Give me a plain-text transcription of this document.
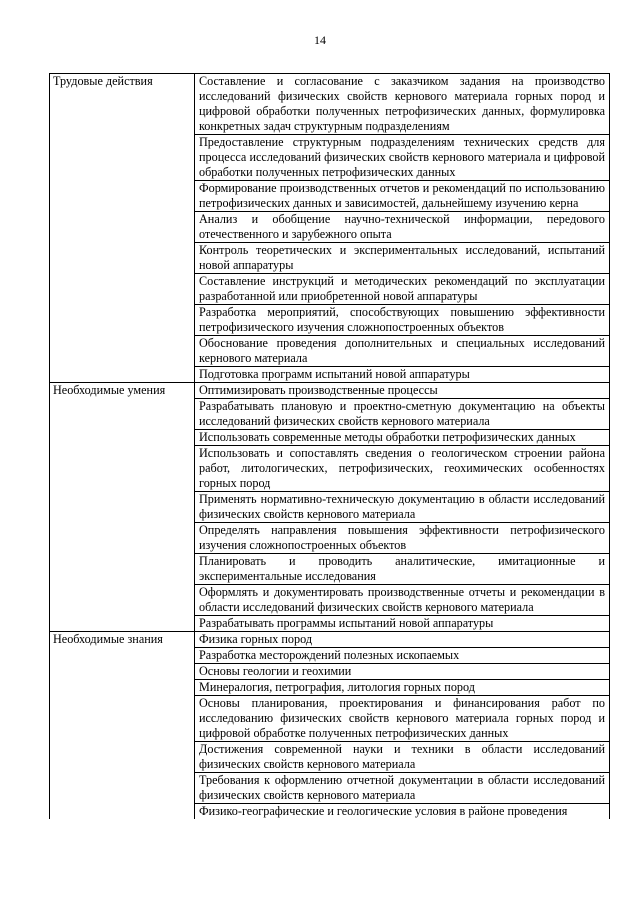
14
Трудовые действия	Составление и согласование с заказчиком задания на производство исследований физических свойств кернового материала горных пород и цифровой обработки полученных петрофизических данных, формулировка конкретных задач структурным подразделениям
	Предоставление структурным подразделениям технических средств для процесса исследований физических свойств кернового материала и цифровой обработки полученных петрофизических данных
	Формирование производственных отчетов и рекомендаций по использованию петрофизических данных и зависимостей, дальнейшему изучению керна
	Анализ и обобщение научно-технической информации, передового отечественного и зарубежного опыта
	Контроль теоретических и экспериментальных исследований, испытаний новой аппаратуры
	Составление инструкций и методических рекомендаций по эксплуатации разработанной или приобретенной новой аппаратуры
	Разработка мероприятий, способствующих повышению эффективности петрофизического изучения сложнопостроенных объектов
	Обоснование проведения дополнительных и специальных исследований кернового материала
	Подготовка программ испытаний новой аппаратуры
Необходимые умения	Оптимизировать производственные процессы
	Разрабатывать плановую и проектно-сметную документацию на объекты исследований физических свойств кернового материала
	Использовать современные методы обработки петрофизических данных
	Использовать и сопоставлять сведения о геологическом строении района работ, литологических, петрофизических, геохимических особенностях горных пород
	Применять нормативно-техническую документацию в области исследований физических свойств кернового материала
	Определять направления повышения эффективности петрофизического изучения сложнопостроенных объектов
	Планировать и проводить аналитические, имитационные и экспериментальные исследования
	Оформлять и документировать производственные отчеты и рекомендации в области исследований физических свойств кернового материала
	Разрабатывать программы испытаний новой аппаратуры
Необходимые знания	Физика горных пород
	Разработка месторождений полезных ископаемых
	Основы геологии и геохимии
	Минералогия, петрография, литология горных пород
	Основы планирования, проектирования и финансирования работ по исследованию физических свойств кернового материала горных пород и цифровой обработке полученных петрофизических данных
	Достижения современной науки и техники в области исследований физических свойств кернового материала
	Требования к оформлению отчетной документации в области исследований физических свойств кернового материала
	Физико-географические и геологические условия в районе проведения
